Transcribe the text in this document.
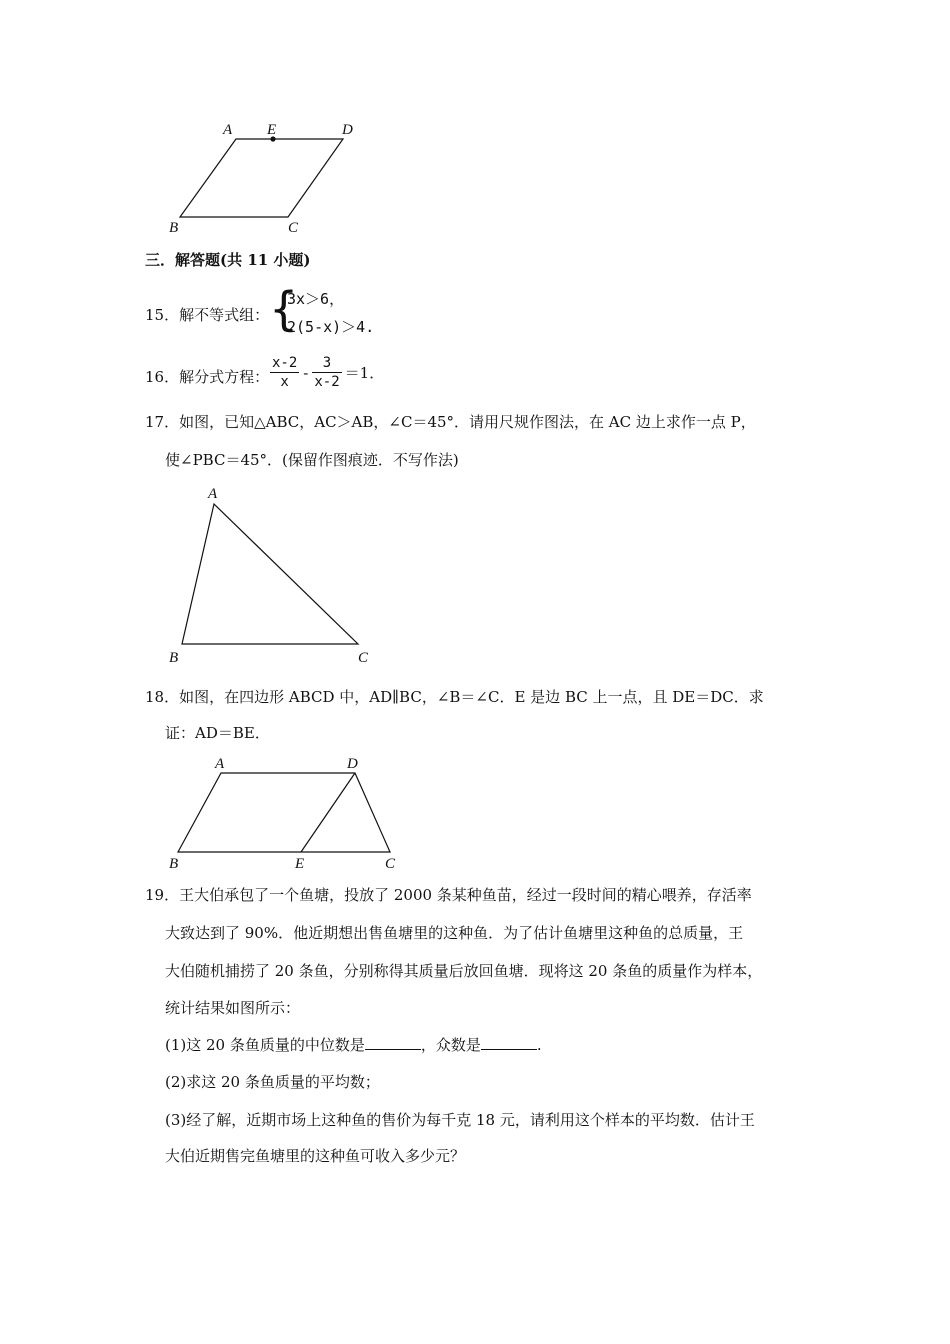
A E	D
B	C
三．解答题(共 11 小题)
15．解不等式组： {
3x＞6，
2(5-x)＞4.
16．解分式方程： $\frac{x-2}{x} - \frac{3}{x-2} =1$．
17．如图，已知△ABC，AC＞AB，∠C＝45°．请用尺规作图法，在 AC 边上求作一点 P，
使∠PBC＝45°．(保留作图痕迹．不写作法)
A
B	C
18．如图，在四边形 ABCD 中，AD∥BC，∠B＝∠C．E 是边 BC 上一点，且 DE＝DC．求
证：AD＝BE．
A	D
B	E	C
19．王大伯承包了一个鱼塘，投放了 2000 条某种鱼苗，经过一段时间的精心喂养，存活率
大致达到了 90%．他近期想出售鱼塘里的这种鱼．为了估计鱼塘里这种鱼的总质量，王
大伯随机捕捞了 20 条鱼，分别称得其质量后放回鱼塘．现将这 20 条鱼的质量作为样本，
统计结果如图所示：
(1)这 20 条鱼质量的中位数是	，众数是	.
(2)求这 20 条鱼质量的平均数；
(3)经了解，近期市场上这种鱼的售价为每千克 18 元，请利用这个样本的平均数．估计王
大伯近期售完鱼塘里的这种鱼可收入多少元？
